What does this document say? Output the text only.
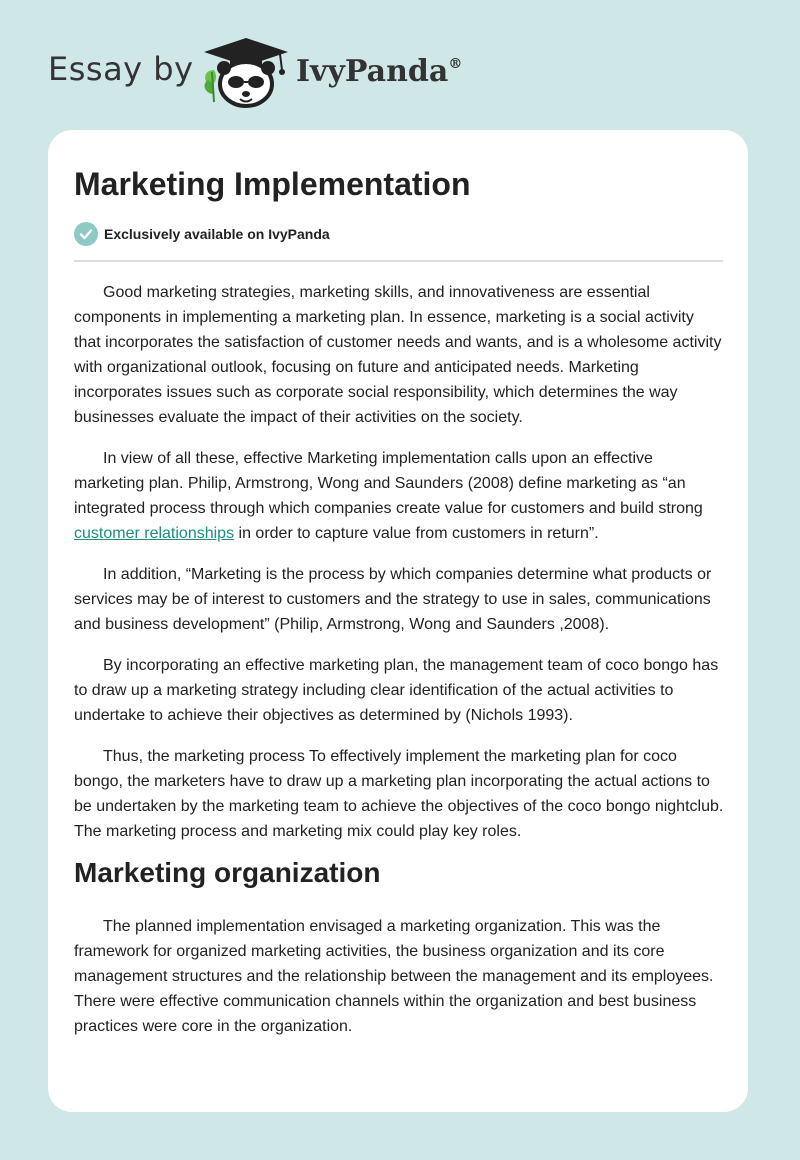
Essay by	IvyPanda®
Marketing Implementation
Exclusively available on IvyPanda

Good marketing strategies, marketing skills, and innovativeness are essential components in implementing a marketing plan. In essence, marketing is a social activity that incorporates the satisfaction of customer needs and wants, and is a wholesome activity with organizational outlook, focusing on future and anticipated needs. Marketing incorporates issues such as corporate social responsibility, which determines the way businesses evaluate the impact of their activities on the society.

In view of all these, effective Marketing implementation calls upon an effective marketing plan. Philip, Armstrong, Wong and Saunders (2008) define marketing as “an integrated process through which companies create value for customers and build strong customer relationships in order to capture value from customers in return”.

In addition, “Marketing is the process by which companies determine what products or services may be of interest to customers and the strategy to use in sales, communications and business development” (Philip, Armstrong, Wong and Saunders ,2008).

By incorporating an effective marketing plan, the management team of coco bongo has to draw up a marketing strategy including clear identification of the actual activities to undertake to achieve their objectives as determined by (Nichols 1993).

Thus, the marketing process To effectively implement the marketing plan for coco bongo, the marketers have to draw up a marketing plan incorporating the actual actions to be undertaken by the marketing team to achieve the objectives of the coco bongo nightclub. The marketing process and marketing mix could play key roles.

Marketing organization

The planned implementation envisaged a marketing organization. This was the framework for organized marketing activities, the business organization and its core management structures and the relationship between the management and its employees. There were effective communication channels within the organization and best business practices were core in the organization.
